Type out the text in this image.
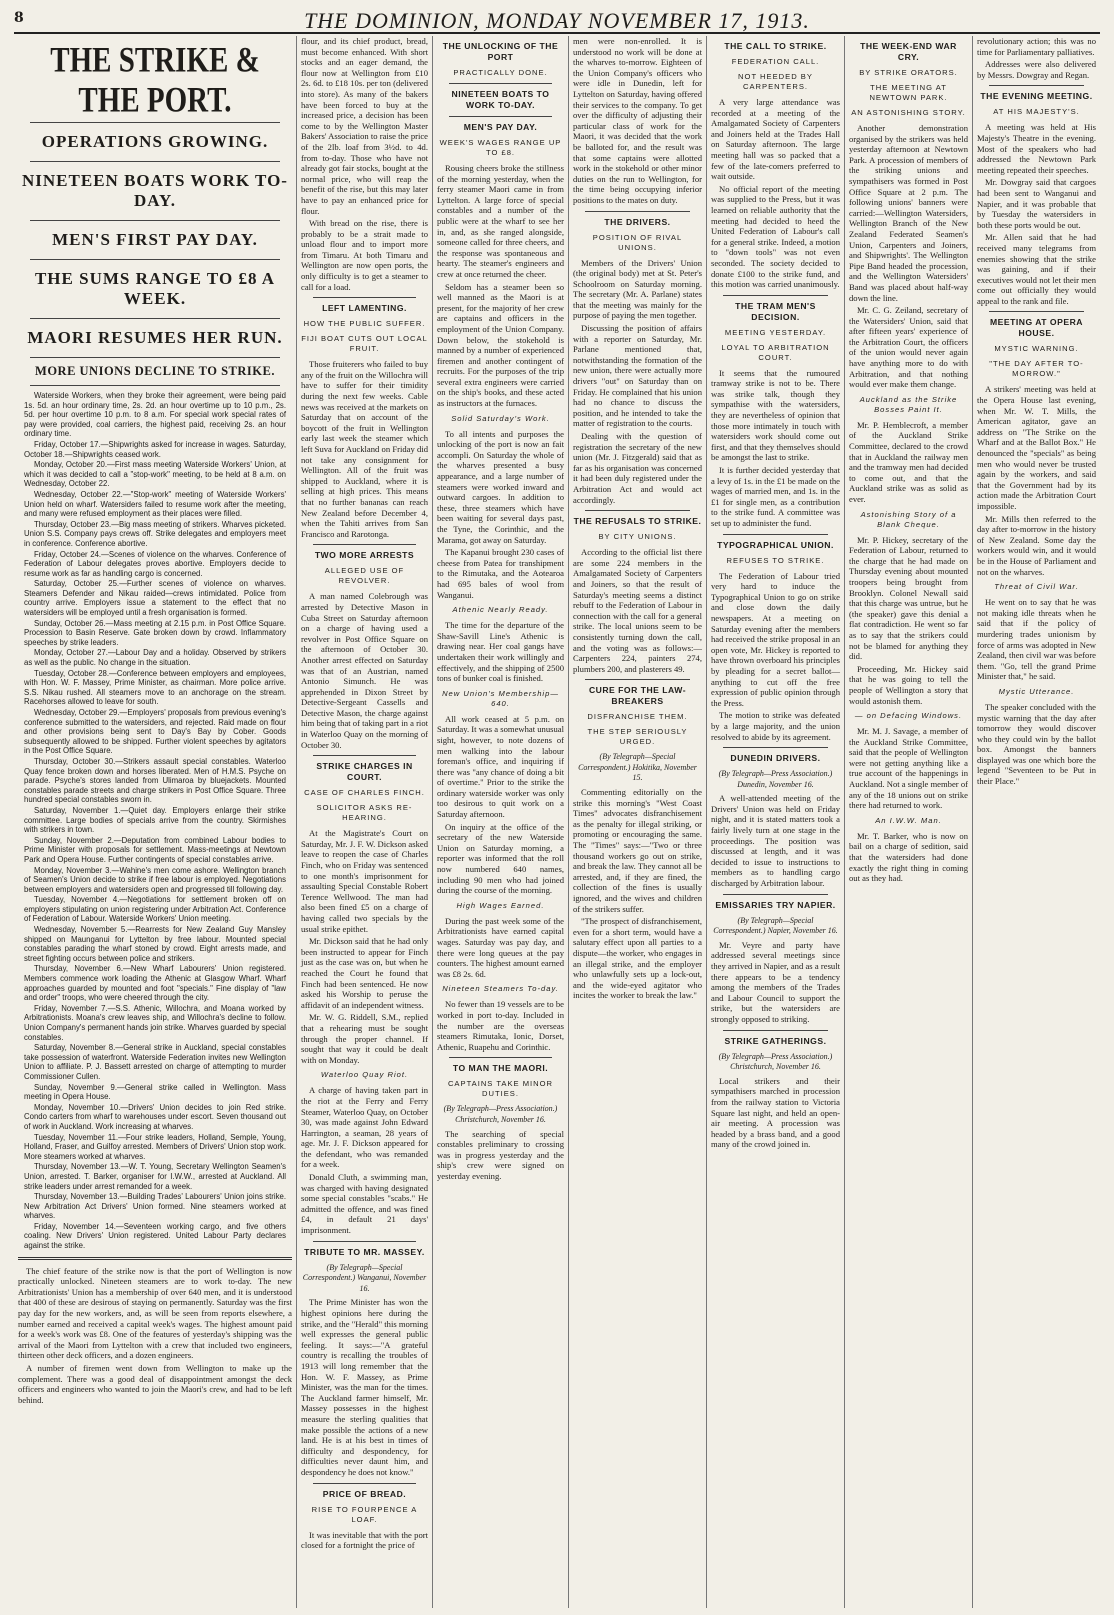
8	THE DOMINION, MONDAY NOVEMBER 17, 1913.
THE STRIKE & THE PORT.
OPERATIONS GROWING.
NINETEEN BOATS WORK TO-DAY.
MEN'S FIRST PAY DAY.
THE SUMS RANGE TO £8 A WEEK.
MAORI RESUMES HER RUN.
MORE UNIONS DECLINE TO STRIKE.

Waterside Workers, when they broke their agreement, were being paid 1s. 5d. an hour ordinary time, 2s. 2d. an hour overtime up to 10 p.m., 2s. 5d. per hour overtime 10 p.m. to 8 a.m. For special work special rates of pay were provided, coal carriers, the highest paid, receiving 2s. an hour ordinary time.

Friday, October 17.—Shipwrights asked for increase in wages. Saturday, October 18.—Shipwrights ceased work.

Monday, October 20.—First mass meeting Waterside Workers' Union, at which it was decided to call a "stop-work" meeting, to be held at 8 a.m. on Wednesday, October 22.

Wednesday, October 22.—"Stop-work" meeting of Waterside Workers' Union held on wharf. Watersiders failed to resume work after the meeting, and many were refused employment as their places were filled.

Thursday, October 23.—Big mass meeting of strikers. Wharves picketed. Union S.S. Company pays crews off. Strike delegates and employers meet in conference. Conference abortive.

Friday, October 24.—Scenes of violence on the wharves. Conference of Federation of Labour delegates proves abortive. Employers decide to resume work as far as handling cargo is concerned.

Saturday, October 25.—Further scenes of violence on wharves. Steamers Defender and Nikau raided—crews intimidated. Police from country arrive. Employers issue a statement to the effect that no watersiders will be employed until a fresh organisation is formed.

Sunday, October 26.—Mass meeting at 2.15 p.m. in Post Office Square. Procession to Basin Reserve. Gate broken down by crowd. Inflammatory speeches by strike leaders.

Monday, October 27.—Labour Day and a holiday. Observed by strikers as well as the public. No change in the situation.

Tuesday, October 28.—Conference between employers and employees, with Hon. W. F. Massey, Prime Minister, as chairman. More police arrive. S.S. Nikau rushed. All steamers move to an anchorage on the stream. Racehorses allowed to leave for south.

Wednesday, October 29.—Employers' proposals from previous evening's conference submitted to the watersiders, and rejected. Raid made on flour and other provisions being sent to Day's Bay by Cober. Goods subsequently allowed to be shipped. Further violent speeches by agitators in the Post Office Square.

Thursday, October 30.—Strikers assault special constables. Waterloo Quay fence broken down and horses liberated. Men of H.M.S. Psyche on parade. Psyche's stores landed from Ulimaroa by bluejackets. Mounted constables parade streets and charge strikers in Post Office Square. Three hundred special constables sworn in.

Saturday, November 1.—Quiet day. Employers enlarge their strike committee. Large bodies of specials arrive from the country. Skirmishes with strikers in town.

Sunday, November 2.—Deputation from combined Labour bodies to Prime Minister with proposals for settlement. Mass-meetings at Newtown Park and Opera House. Further contingents of special constables arrive.

Monday, November 3.—Wahine's men come ashore. Wellington branch of Seamen's Union decide to strike if free labour is employed. Negotiations between employers and watersiders open and progressed till following day.

Tuesday, November 4.—Negotiations for settlement broken off on employers stipulating on union registering under Arbitration Act. Conference of Federation of Labour. Waterside Workers' Union meeting.

Wednesday, November 5.—Rearrests for New Zealand Guy Mansley shipped on Maunganui for Lyttelton by free labour. Mounted special constables parading the wharf stoned by crowd. Eight arrests made, and street fighting occurs between police and strikers.

Thursday, November 6.—New Wharf Labourers' Union registered. Members commence work loading the Athenic at Glasgow Wharf. Wharf approaches guarded by mounted and foot "specials." Fine display of "law and order" troops, who were cheered through the city.

Friday, November 7.—S.S. Athenic, Willochra, and Moana worked by Arbitrationists. Moana's crew leaves ship, and Willochra's decline to follow. Union Company's permanent hands join strike. Wharves guarded by special constables.

Saturday, November 8.—General strike in Auckland, special constables take possession of waterfront. Waterside Federation invites new Wellington Union to affiliate. P. J. Bassett arrested on charge of attempting to murder Commissioner Cullen.

Sunday, November 9.—General strike called in Wellington. Mass meeting in Opera House.

Monday, November 10.—Drivers' Union decides to join Red strike. Condo carters from wharf to warehouses under escort. Seven thousand out of work in Auckland. Work increasing at wharves.

Tuesday, November 11.—Four strike leaders, Holland, Semple, Young, Holland, Fraser, and Guilfoy arrested. Members of Drivers' Union stop work. More steamers worked at wharves.

Thursday, November 13.—W. T. Young, Secretary Wellington Seamen's Union, arrested. T. Barker, organiser for I.W.W., arrested at Auckland. All strike leaders under arrest remanded for a week.

Thursday, November 13.—Building Trades' Labourers' Union joins strike. New Arbitration Act Drivers' Union formed. Nine steamers worked at wharves.

Friday, November 14.—Seventeen working cargo, and five others coaling. New Drivers' Union registered. United Labour Party declares against the strike.

The chief feature of the strike now is that the port of Wellington is now practically unlocked. Nineteen steamers are to work to-day. The new Arbitrationists' Union has a membership of over 640 men, and it is understood that 400 of these are desirous of staying on permanently. Saturday was the first pay day for the new workers, and, as will be seen from reports elsewhere, a number earned and received a capital week's wages. The highest amount paid for a week's work was £8. One of the features of yesterday's shipping was the arrival of the Maori from Lyttelton with a crew that included two engineers, thirteen other deck officers, and a dozen engineers.

A number of firemen went down from Wellington to make up the complement. There was a good deal of disappointment amongst the deck officers and engineers who wanted to join the Maori's crew, and had to be left behind.

flour, and its chief product, bread, must become enhanced. With short stocks and an eager demand, the flour now at Wellington from £10 2s. 6d. to £18 10s. per ton (delivered into store). As many of the bakers have been forced to buy at the increased price, a decision has been come to by the Wellington Master Bakers' Association to raise the price of the 2lb. loaf from 3½d. to 4d. from to-day. Those who have not already got fair stocks, bought at the normal price, who will reap the benefit of the rise, but this may later have to pay an enhanced price for flour.

With bread on the rise, there is probably to be a strait made to unload flour and to import more from Timaru. At both Timaru and Wellington are now open ports, the only difficulty is to get a steamer to call for a load.

LEFT LAMENTING.
HOW THE PUBLIC SUFFER.
FIJI BOAT CUTS OUT LOCAL FRUIT.

Those fruiterers who failed to buy any of the fruit on the Willochra will have to suffer for their timidity during the next few weeks. Cable news was received at the markets on Saturday that on account of the boycott of the fruit in Wellington early last week the steamer which left Suva for Auckland on Friday did not take any consignment for Wellington. All of the fruit was shipped to Auckland, where it is selling at high prices. This means that no further bananas can reach New Zealand before December 4, when the Tahiti arrives from San Francisco and Rarotonga.

TWO MORE ARRESTS
ALLEGED USE OF REVOLVER.

A man named Colebrough was arrested by Detective Mason in Cuba Street on Saturday afternoon on a charge of having used a revolver in Post Office Square on the afternoon of October 30. Another arrest effected on Saturday was that of an Austrian, named Antonio Simunch. He was apprehended in Dixon Street by Detective-Sergeant Cassells and Detective Mason, the charge against him being that of taking part in a riot in Waterloo Quay on the morning of October 30.

STRIKE CHARGES IN COURT.
CASE OF CHARLES FINCH.
SOLICITOR ASKS RE-HEARING.

At the Magistrate's Court on Saturday, Mr. J. F. W. Dickson asked leave to reopen the case of Charles Finch, who on Friday was sentenced to one month's imprisonment for assaulting Special Constable Robert Terence Wellwood. The man had also been fined £5 on a charge of having called two specials by the usual strike epithet.

Mr. Dickson said that he had only been instructed to appear for Finch just as the case was on, but when he reached the Court he found that Finch had been sentenced. He now asked his Worship to peruse the affidavit of an independent witness.

Mr. W. G. Riddell, S.M., replied that a rehearing must be sought through the proper channel. If sought that way it could be dealt with on Monday.

Waterloo Quay Riot.

A charge of having taken part in the riot at the Ferry and Ferry Steamer, Waterloo Quay, on October 30, was made against John Edward Harrington, a seaman, 28 years of age. Mr. J. F. Dickson appeared for the defendant, who was remanded for a week.

Donald Cluth, a swimming man, was charged with having designated some special constables "scabs." He admitted the offence, and was fined £4, in default 21 days' imprisonment.

TRIBUTE TO MR. MASSEY.
(By Telegraph—Special Correspondent.) Wanganui, November 16.

The Prime Minister has won the highest opinions here during the strike, and the "Herald" this morning well expresses the general public feeling. It says:—"A grateful country is recalling the troubles of 1913 will long remember that the Hon. W. F. Massey, as Prime Minister, was the man for the times. The Auckland farmer himself, Mr. Massey possesses in the highest measure the sterling qualities that make possible the actions of a new land. He is at his best in times of difficulty and despondency, for difficulties never daunt him, and despondency he does not know."

PRICE OF BREAD.
RISE TO FOURPENCE A LOAF.

It was inevitable that with the port closed for a fortnight the price of

THE UNLOCKING OF THE PORT
PRACTICALLY DONE.
NINETEEN BOATS TO WORK TO-DAY.
MEN'S PAY DAY.
WEEK'S WAGES RANGE UP TO £8.

Rousing cheers broke the stillness of the morning yesterday, when the ferry steamer Maori came in from Lyttelton. A large force of special constables and a number of the public were at the wharf to see her in, and, as she ranged alongside, someone called for three cheers, and the response was spontaneous and hearty. The steamer's engineers and crew at once returned the cheer.

Seldom has a steamer been so well manned as the Maori is at present, for the majority of her crew are captains and officers in the employment of the Union Company. Down below, the stokehold is manned by a number of experienced firemen and another contingent of recruits. For the purposes of the trip several extra engineers were carried on the ship's books, and these acted as instructors at the furnaces.

Solid Saturday's Work.

To all intents and purposes the unlocking of the port is now an fait accompli. On Saturday the whole of the wharves presented a busy appearance, and a large number of steamers were worked inward and outward cargoes. In addition to these, three steamers which have been waiting for several days past, the Tyne, the Corinthic, and the Marama, got away on Saturday.

The Kapanui brought 230 cases of cheese from Patea for transhipment to the Rimutaka, and the Aotearoa had 695 bales of wool from Wanganui.

Athenic Nearly Ready.

The time for the departure of the Shaw-Savill Line's Athenic is drawing near. Her coal gangs have undertaken their work willingly and effectively, and the shipping of 2500 tons of bunker coal is finished.

New Union's Membership—640.

All work ceased at 5 p.m. on Saturday. It was a somewhat unusual sight, however, to note dozens of men walking into the labour foreman's office, and inquiring if there was "any chance of doing a bit of overtime." Prior to the strike the ordinary waterside worker was only too desirous to quit work on a Saturday afternoon.

On inquiry at the office of the secretary of the new Waterside Union on Saturday morning, a reporter was informed that the roll now numbered 640 names, including 90 men who had joined during the course of the morning.

High Wages Earned.

During the past week some of the Arbitrationists have earned capital wages. Saturday was pay day, and there were long queues at the pay counters. The highest amount earned was £8 2s. 6d.

Nineteen Steamers To-day.

No fewer than 19 vessels are to be worked in port to-day. Included in the number are the overseas steamers Rimutaka, Ionic, Dorset, Athenic, Ruapehu and Corinthic.

TO MAN THE MAORI.
CAPTAINS TAKE MINOR DUTIES.
(By Telegraph—Press Association.) Christchurch, November 16.

The searching of special constables preliminary to crossing was in progress yesterday and the ship's crew were signed on yesterday evening.

men were non-enrolled. It is understood no work will be done at the wharves to-morrow. Eighteen of the Union Company's officers who were idle in Dunedin, left for Lyttelton on Saturday, having offered their services to the company. To get over the difficulty of adjusting their particular class of work for the Maori, it was decided that the work be balloted for, and the result was that some captains were allotted work in the stokehold or other minor duties on the run to Wellington, for the time being occupying inferior positions to the mates on duty.

THE DRIVERS.
POSITION OF RIVAL UNIONS.

Members of the Drivers' Union (the original body) met at St. Peter's Schoolroom on Saturday morning. The secretary (Mr. A. Parlane) states that the meeting was mainly for the purpose of paying the men together.

Discussing the position of affairs with a reporter on Saturday, Mr. Parlane mentioned that, notwithstanding the formation of the new union, there were actually more drivers "out" on Saturday than on Friday. He complained that his union had no chance to discuss the position, and he intended to take the matter of registration to the courts.

Dealing with the question of registration the secretary of the new union (Mr. J. Fitzgerald) said that as far as his organisation was concerned it had been duly registered under the Arbitration Act and would act accordingly.

THE REFUSALS TO STRIKE.
BY CITY UNIONS.

According to the official list there are some 224 members in the Amalgamated Society of Carpenters and Joiners, so that the result of Saturday's meeting seems a distinct rebuff to the Federation of Labour in connection with the call for a general strike. The local unions seem to be consistently turning down the call, and the voting was as follows:—Carpenters 224, painters 274, plumbers 200, and plasterers 49.

CURE FOR THE LAW-BREAKERS
DISFRANCHISE THEM.
THE STEP SERIOUSLY URGED.
(By Telegraph—Special Correspondent.) Hokitika, November 15.

Commenting editorially on the strike this morning's "West Coast Times" advocates disfranchisement as the penalty for illegal striking, or promoting or encouraging the same. The "Times" says:—"Two or three thousand workers go out on strike, and break the law. They cannot all be arrested, and, if they are fined, the collection of the fines is usually ignored, and the wives and children of the strikers suffer.

"The prospect of disfranchisement, even for a short term, would have a salutary effect upon all parties to a dispute—the worker, who engages in an illegal strike, and the employer who unlawfully sets up a lock-out, and the wide-eyed agitator who incites the worker to break the law."

THE CALL TO STRIKE.
FEDERATION CALL.
NOT HEEDED BY CARPENTERS.

A very large attendance was recorded at a meeting of the Amalgamated Society of Carpenters and Joiners held at the Trades Hall on Saturday afternoon. The large meeting hall was so packed that a few of the late-comers preferred to wait outside.

No official report of the meeting was supplied to the Press, but it was learned on reliable authority that the meeting had decided to heed the United Federation of Labour's call for a general strike. Indeed, a motion to "down tools" was not even seconded. The society decided to donate £100 to the strike fund, and this motion was carried unanimously.

THE TRAM MEN'S DECISION.
MEETING YESTERDAY.
LOYAL TO ARBITRATION COURT.

It seems that the rumoured tramway strike is not to be. There was strike talk, though they sympathise with the watersiders, they are nevertheless of opinion that those more intimately in touch with watersiders work should come out first, and that they themselves should be amongst the last to strike.

It is further decided yesterday that a levy of 1s. in the £1 be made on the wages of married men, and 1s. in the £1 for single men, as a contribution to the strike fund. A committee was set up to administer the fund.

TYPOGRAPHICAL UNION.
REFUSES TO STRIKE.

The Federation of Labour tried very hard to induce the Typographical Union to go on strike and close down the daily newspapers. At a meeting on Saturday evening after the members had received the strike proposal in an open vote, Mr. Hickey is reported to have thrown overboard his principles by pleading for a secret ballot—anything to cut off the free expression of public opinion through the Press.

The motion to strike was defeated by a large majority, and the union resolved to abide by its agreement.

DUNEDIN DRIVERS.
(By Telegraph—Press Association.) Dunedin, November 16.

A well-attended meeting of the Drivers' Union was held on Friday night, and it is stated matters took a fairly lively turn at one stage in the proceedings. The position was discussed at length, and it was decided to issue to instructions to members as to handling cargo discharged by Arbitration labour.

EMISSARIES TRY NAPIER.
(By Telegraph—Special Correspondent.) Napier, November 16.

Mr. Veyre and party have addressed several meetings since they arrived in Napier, and as a result there appears to be a tendency among the members of the Trades and Labour Council to support the strike, but the watersiders are strongly opposed to striking.

STRIKE GATHERINGS.
(By Telegraph—Press Association.) Christchurch, November 16.

Local strikers and their sympathisers marched in procession from the railway station to Victoria Square last night, and held an open-air meeting. A procession was headed by a brass band, and a good many of the crowd joined in.

THE WEEK-END WAR CRY.
BY STRIKE ORATORS.
THE MEETING AT NEWTOWN PARK.
AN ASTONISHING STORY.

Another demonstration organised by the strikers was held yesterday afternoon at Newtown Park. A procession of members of the striking unions and sympathisers was formed in Post Office Square at 2 p.m. The following unions' banners were carried:—Wellington Watersiders, Wellington Branch of the New Zealand Federated Seamen's Union, Carpenters and Joiners, and Shipwrights'. The Wellington Pipe Band headed the procession, and the Wellington Watersiders' Band was placed about half-way down the line.

Mr. C. G. Zeiland, secretary of the Watersiders' Union, said that after fifteen years' experience of the Arbitration Court, the officers of the union would never again have anything more to do with Arbitration, and that nothing would ever make them change.

Auckland as the Strike Bosses Paint It.

Mr. P. Hemblecroft, a member of the Auckland Strike Committee, declared to the crowd that in Auckland the railway men and the tramway men had decided to come out, and that the Auckland strike was as solid as ever.

Astonishing Story of a Blank Cheque.

Mr. P. Hickey, secretary of the Federation of Labour, returned to the charge that he had made on Thursday evening about mounted troopers being brought from Brooklyn. Colonel Newall said that this charge was untrue, but he (the speaker) gave this denial a flat contradiction. He went so far as to say that the strikers could not be blamed for anything they did.

Proceeding, Mr. Hickey said that he was going to tell the people of Wellington a story that would astonish them.

— on Defacing Windows.

Mr. M. J. Savage, a member of the Auckland Strike Committee, said that the people of Wellington were not getting anything like a true account of the happenings in Auckland. Not a single member of any of the 18 unions out on strike there had returned to work.

An I.W.W. Man.

Mr. T. Barker, who is now on bail on a charge of sedition, said that the watersiders had done exactly the right thing in coming out as they had.

revolutionary action; this was no time for Parliamentary palliatives.

Addresses were also delivered by Messrs. Dowgray and Regan.

THE EVENING MEETING.
AT HIS MAJESTY'S.

A meeting was held at His Majesty's Theatre in the evening. Most of the speakers who had addressed the Newtown Park meeting repeated their speeches.

Mr. Dowgray said that cargoes had been sent to Wanganui and Napier, and it was probable that by Tuesday the watersiders in both these ports would be out.

Mr. Allen said that he had received many telegrams from enemies showing that the strike was gaining, and if their executives would not let their men come out officially they would appeal to the rank and file.

MEETING AT OPERA HOUSE.
MYSTIC WARNING.
"THE DAY AFTER TO-MORROW."

A strikers' meeting was held at the Opera House last evening, when Mr. W. T. Mills, the American agitator, gave an address on "The Strike on the Wharf and at the Ballot Box." He denounced the "specials" as being men who would never be trusted again by the workers, and said that the Government had by its action made the Arbitration Court impossible.

Mr. Mills then referred to the day after to-morrow in the history of New Zealand. Some day the workers would win, and it would be in the House of Parliament and not on the wharves.

Threat of Civil War.

He went on to say that he was not making idle threats when he said that if the policy of murdering trades unionism by force of arms was adopted in New Zealand, then civil war was before them. "Go, tell the grand Prime Minister that," he said.

Mystic Utterance.

The speaker concluded with the mystic warning that the day after tomorrow they would discover who they could win by the ballot box. Amongst the banners displayed was one which bore the legend "Seventeen to be Put in their Place."
